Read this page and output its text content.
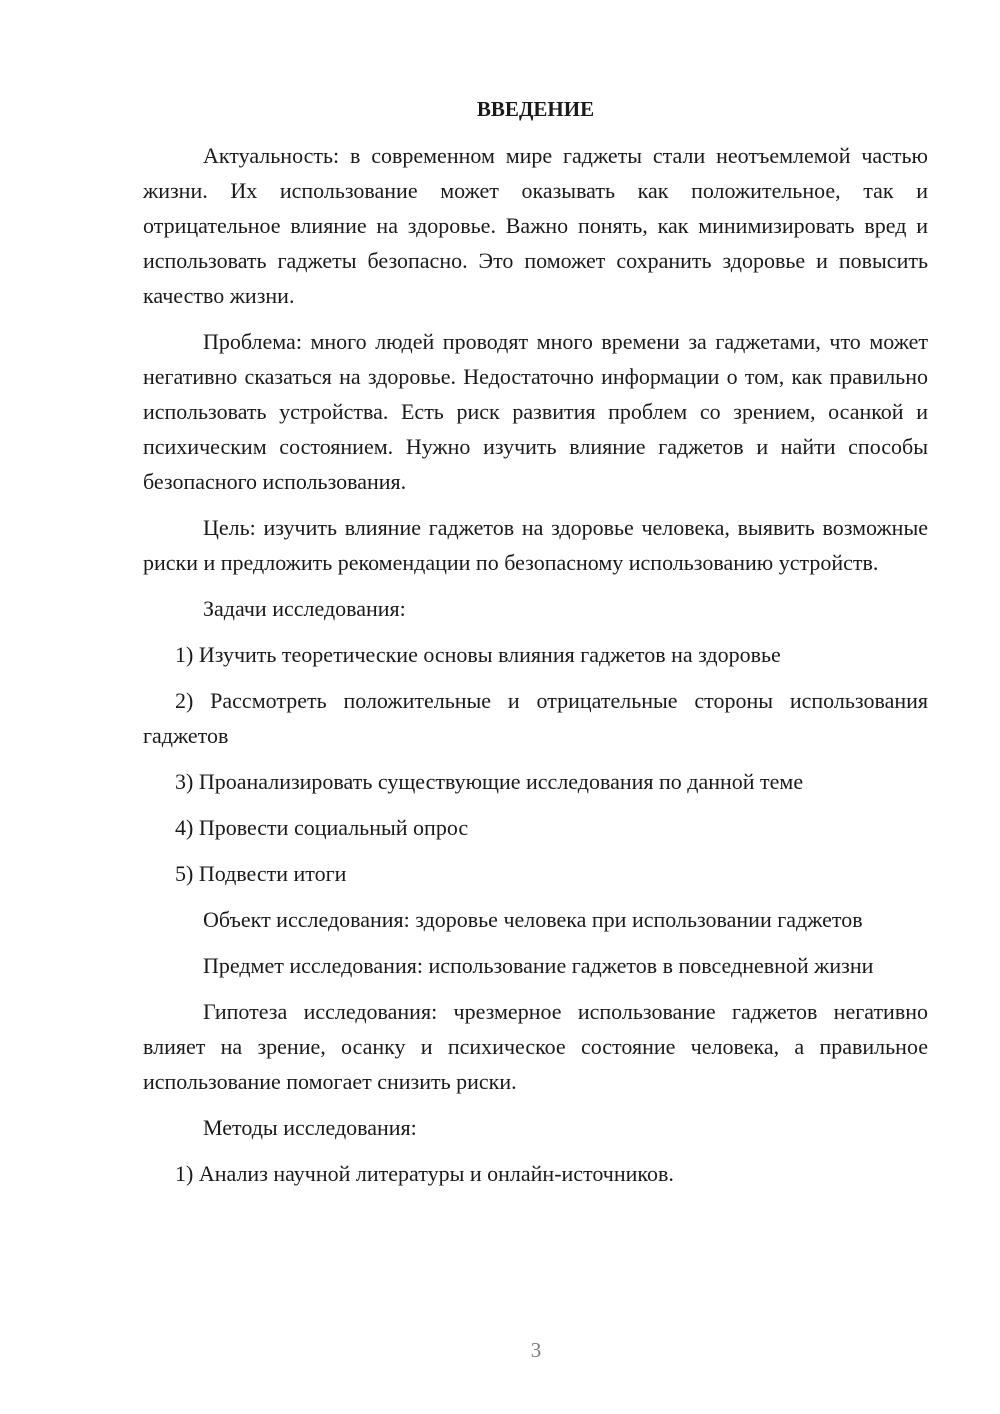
ВВЕДЕНИЕ

Актуальность: в современном мире гаджеты стали неотъемлемой частью жизни. Их использование может оказывать как положительное, так и отрицательное влияние на здоровье. Важно понять, как минимизировать вред и использовать гаджеты безопасно. Это поможет сохранить здоровье и повысить качество жизни.

Проблема: много людей проводят много времени за гаджетами, что может негативно сказаться на здоровье. Недостаточно информации о том, как правильно использовать устройства. Есть риск развития проблем со зрением, осанкой и психическим состоянием. Нужно изучить влияние гаджетов и найти способы безопасного использования.

Цель: изучить влияние гаджетов на здоровье человека, выявить возможные риски и предложить рекомендации по безопасному использованию устройств.

Задачи исследования:

1) Изучить теоретические основы влияния гаджетов на здоровье

2) Рассмотреть положительные и отрицательные стороны использования гаджетов

3) Проанализировать существующие исследования по данной теме

4) Провести социальный опрос

5) Подвести итоги

Объект исследования: здоровье человека при использовании гаджетов

Предмет исследования: использование гаджетов в повседневной жизни

Гипотеза исследования: чрезмерное использование гаджетов негативно влияет на зрение, осанку и психическое состояние человека, а правильное использование помогает снизить риски.

Методы исследования:

1) Анализ научной литературы и онлайн-источников.

3
